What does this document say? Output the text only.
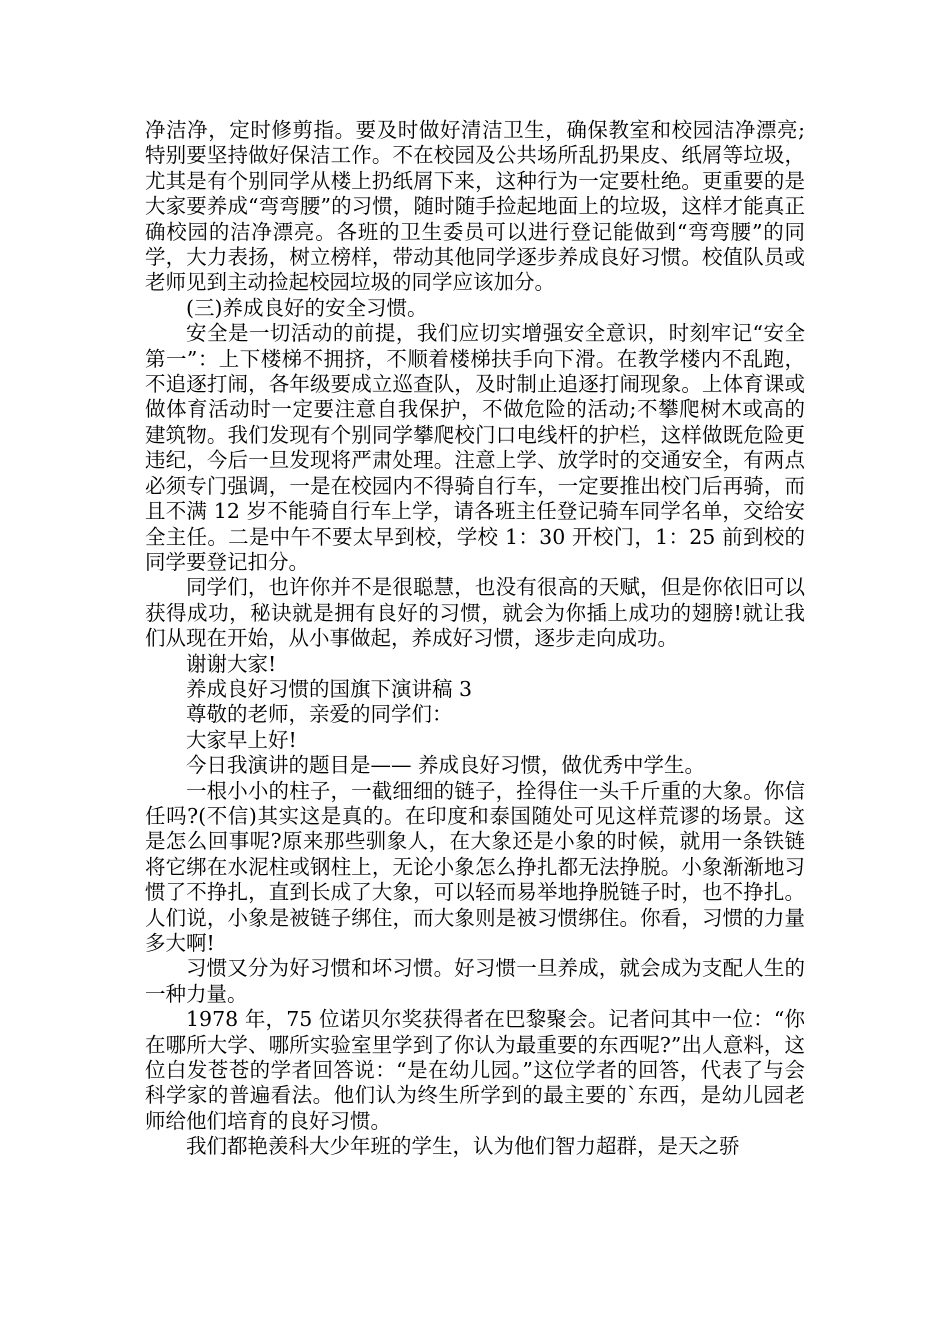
净洁净，定时修剪指。要及时做好清洁卫生，确保教室和校园洁净漂亮;特别要坚持做好保洁工作。不在校园及公共场所乱扔果皮、纸屑等垃圾，尤其是有个别同学从楼上扔纸屑下来，这种行为一定要杜绝。更重要的是大家要养成“弯弯腰”的习惯，随时随手捡起地面上的垃圾，这样才能真正确校园的洁净漂亮。各班的卫生委员可以进行登记能做到“弯弯腰”的同学，大力表扬，树立榜样，带动其他同学逐步养成良好习惯。校值队员或老师见到主动捡起校园垃圾的同学应该加分。

(三)养成良好的安全习惯。

安全是一切活动的前提，我们应切实增强安全意识，时刻牢记“安全第一”：上下楼梯不拥挤，不顺着楼梯扶手向下滑。在教学楼内不乱跑，不追逐打闹，各年级要成立巡查队，及时制止追逐打闹现象。上体育课或做体育活动时一定要注意自我保护，不做危险的活动;不攀爬树木或高的建筑物。我们发现有个别同学攀爬校门口电线杆的护栏，这样做既危险更违纪，今后一旦发现将严肃处理。注意上学、放学时的交通安全，有两点必须专门强调，一是在校园内不得骑自行车，一定要推出校门后再骑，而且不满 12 岁不能骑自行车上学，请各班主任登记骑车同学名单，交给安全主任。二是中午不要太早到校，学校 1：30 开校门，1：25 前到校的同学要登记扣分。

同学们，也许你并不是很聪慧，也没有很高的天赋，但是你依旧可以获得成功，秘诀就是拥有良好的习惯，就会为你插上成功的翅膀!就让我们从现在开始，从小事做起，养成好习惯，逐步走向成功。

谢谢大家!

养成良好习惯的国旗下演讲稿 3

尊敬的老师，亲爱的同学们：

大家早上好!

今日我演讲的题目是—— 养成良好习惯，做优秀中学生。

一根小小的柱子，一截细细的链子，拴得住一头千斤重的大象。你信任吗?(不信)其实这是真的。在印度和泰国随处可见这样荒谬的场景。这是怎么回事呢?原来那些驯象人，在大象还是小象的时候，就用一条铁链将它绑在水泥柱或钢柱上，无论小象怎么挣扎都无法挣脱。小象渐渐地习惯了不挣扎，直到长成了大象，可以轻而易举地挣脱链子时，也不挣扎。人们说，小象是被链子绑住，而大象则是被习惯绑住。你看，习惯的力量多大啊!

习惯又分为好习惯和坏习惯。好习惯一旦养成，就会成为支配人生的一种力量。

1978 年，75 位诺贝尔奖获得者在巴黎聚会。记者问其中一位：“你在哪所大学、哪所实验室里学到了你认为最重要的东西呢?”出人意料，这位白发苍苍的学者回答说：“是在幼儿园。”这位学者的回答，代表了与会科学家的普遍看法。他们认为终生所学到的最主要的`东西，是幼儿园老师给他们培育的良好习惯。

我们都艳羡科大少年班的学生，认为他们智力超群，是天之骄
